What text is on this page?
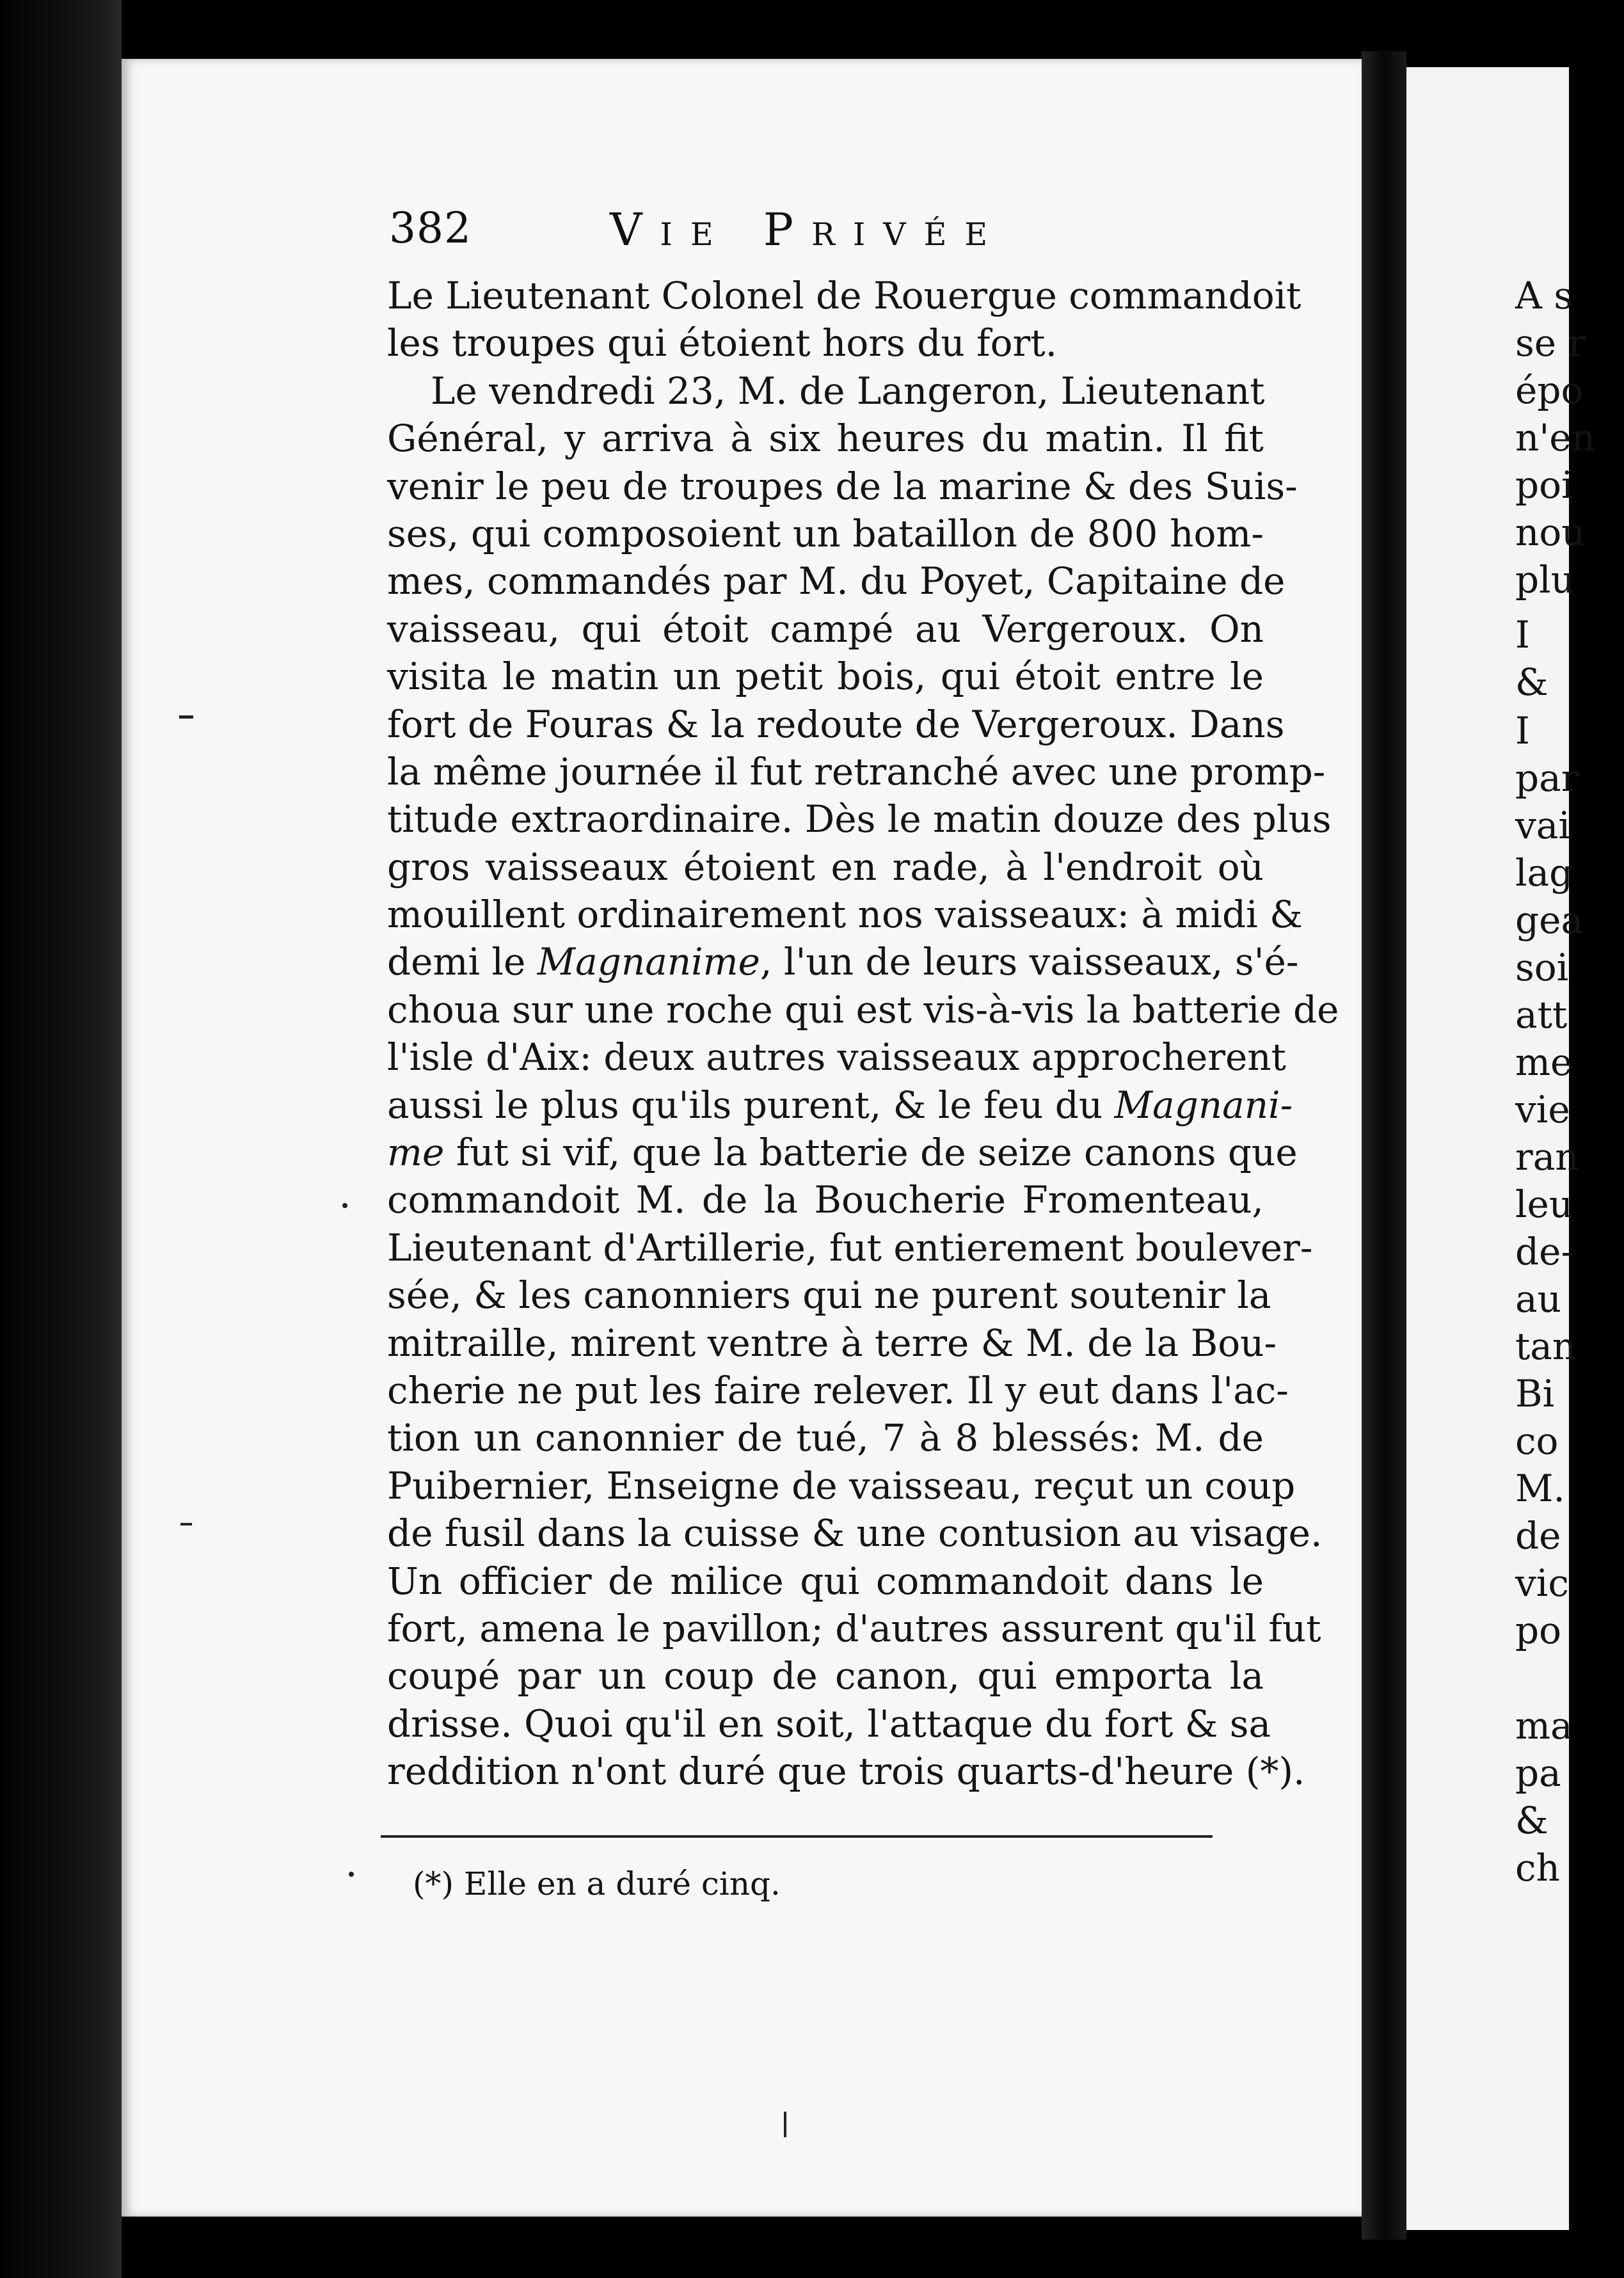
382	Vie Privée
Le Lieutenant Colonel de Rouergue commandoit
les troupes qui étoient hors du fort.
Le vendredi 23, M. de Langeron, Lieutenant
Général, y arriva à six heures du matin. Il fit
venir le peu de troupes de la marine & des Suis-
ses, qui composoient un bataillon de 800 hom-
mes, commandés par M. du Poyet, Capitaine de
vaisseau, qui étoit campé au Vergeroux. On
visita le matin un petit bois, qui étoit entre le
fort de Fouras & la redoute de Vergeroux. Dans
la même journée il fut retranché avec une promp-
titude extraordinaire. Dès le matin douze des plus
gros vaisseaux étoient en rade, à l'endroit où
mouillent ordinairement nos vaisseaux: à midi &
demi le Magnanime, l'un de leurs vaisseaux, s'é-
choua sur une roche qui est vis-à-vis la batterie de
l'isle d'Aix: deux autres vaisseaux approcherent
aussi le plus qu'ils purent, & le feu du Magnani-
me fut si vif, que la batterie de seize canons que
commandoit M. de la Boucherie Fromenteau,
Lieutenant d'Artillerie, fut entierement boulever-
sée, & les canonniers qui ne purent soutenir la
mitraille, mirent ventre à terre & M. de la Bou-
cherie ne put les faire relever. Il y eut dans l'ac-
tion un canonnier de tué, 7 à 8 blessés: M. de
Puibernier, Enseigne de vaisseau, reçut un coup
de fusil dans la cuisse & une contusion au visage.
Un officier de milice qui commandoit dans le
fort, amena le pavillon; d'autres assurent qu'il fut
coupé par un coup de canon, qui emporta la
drisse. Quoi qu'il en soit, l'attaque du fort & sa
reddition n'ont duré que trois quarts-d'heure (*).
(*) Elle en a duré cinq.
A s
se r
épo
n'en
poi
nou
plu
I
&
I
par
vai
lag
gea
soi
att
me
vie
ran
leu
de-
au
tan
Bi
co
M.
de
vic
po
ma
pa
&
ch
